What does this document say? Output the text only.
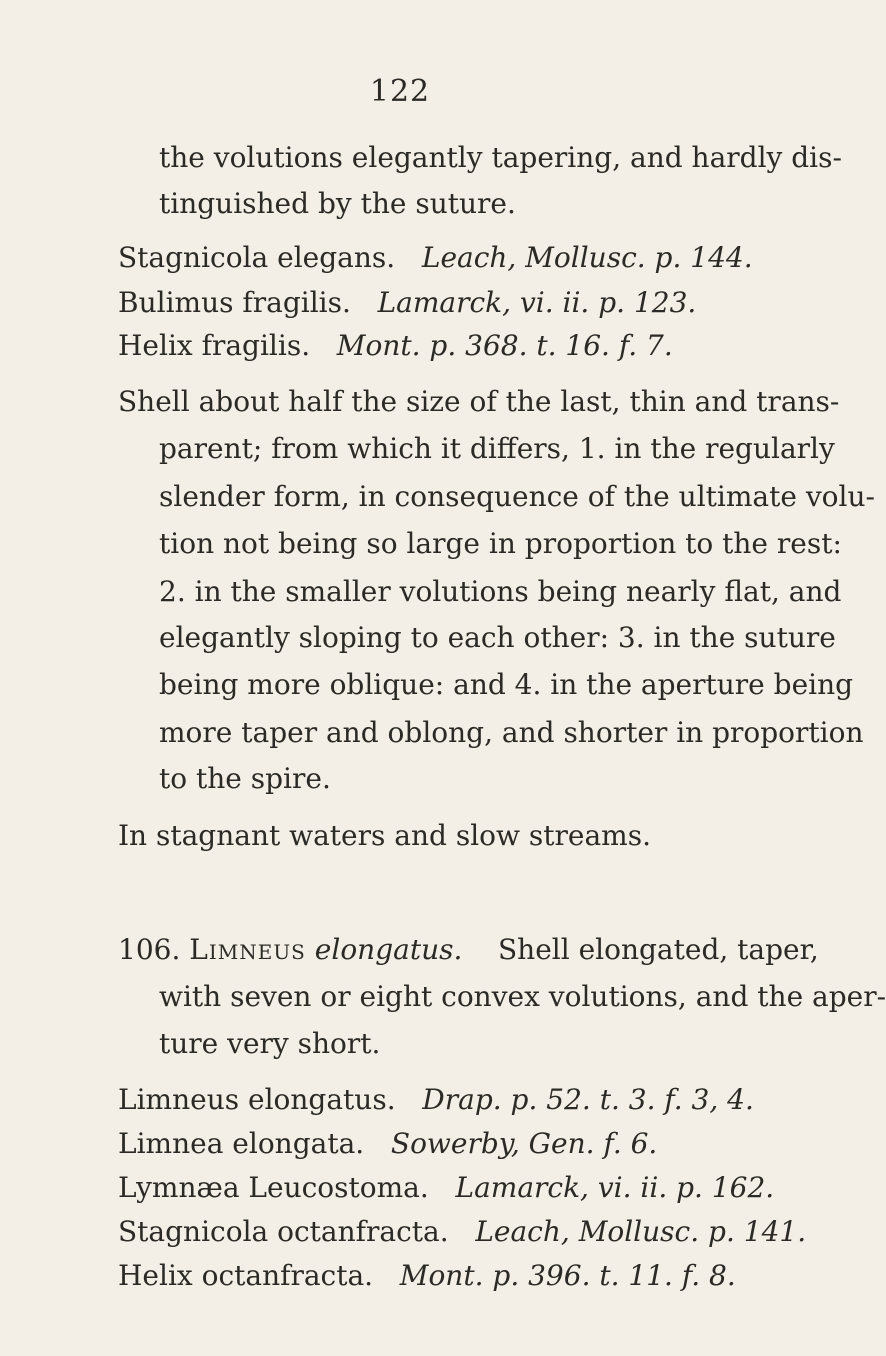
122
the volutions elegantly tapering, and hardly dis-
tinguished by the suture.
Stagnicola elegans. Leach, Mollusc. p. 144.
Bulimus fragilis. Lamarck, vi. ii. p. 123.
Helix fragilis. Mont. p. 368. t. 16. f. 7.
Shell about half the size of the last, thin and trans-
parent; from which it differs, 1. in the regularly
slender form, in consequence of the ultimate volu-
tion not being so large in proportion to the rest:
2. in the smaller volutions being nearly flat, and
elegantly sloping to each other: 3. in the suture
being more oblique: and 4. in the aperture being
more taper and oblong, and shorter in proportion
to the spire.
In stagnant waters and slow streams.
106. Limneus elongatus. Shell elongated, taper,
with seven or eight convex volutions, and the aper-
ture very short.
Limneus elongatus. Drap. p. 52. t. 3. f. 3, 4.
Limnea elongata. Sowerby, Gen. f. 6.
Lymnæa Leucostoma. Lamarck, vi. ii. p. 162.
Stagnicola octanfracta. Leach, Mollusc. p. 141.
Helix octanfracta. Mont. p. 396. t. 11. f. 8.
